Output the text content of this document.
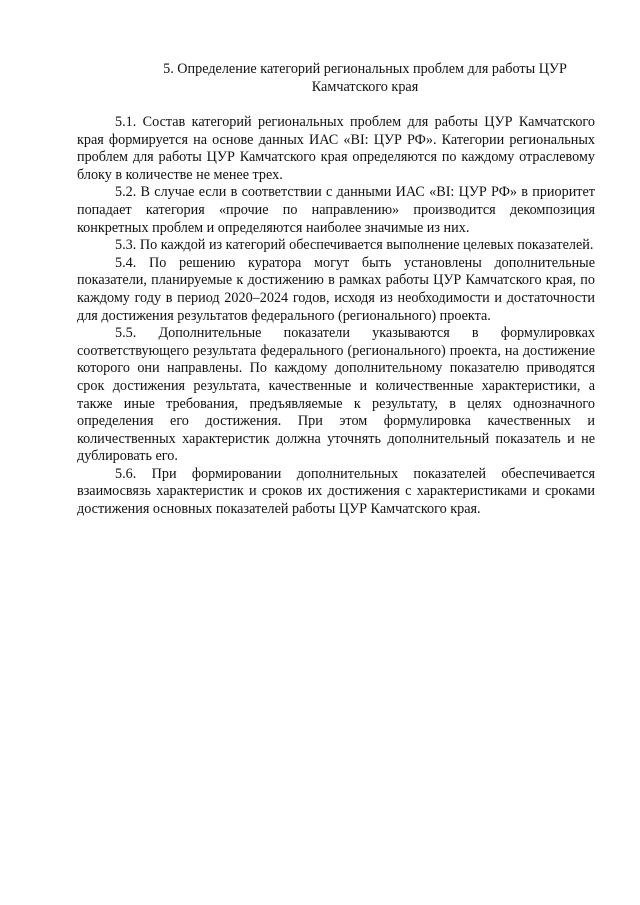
5. Определение категорий региональных проблем для работы ЦУР Камчатского края

5.1. Состав категорий региональных проблем для работы ЦУР Камчатского края формируется на основе данных ИАС «BI: ЦУР РФ». Категории региональных проблем для работы ЦУР Камчатского края определяются по каждому отраслевому блоку в количестве не менее трех.

5.2. В случае если в соответствии с данными ИАС «BI: ЦУР РФ» в приоритет попадает категория «прочие по направлению» производится декомпозиция конкретных проблем и определяются наиболее значимые из них.

5.3. По каждой из категорий обеспечивается выполнение целевых показателей.

5.4. По решению куратора могут быть установлены дополнительные показатели, планируемые к достижению в рамках работы ЦУР Камчатского края, по каждому году в период 2020–2024 годов, исходя из необходимости и достаточности для достижения результатов федерального (регионального) проекта.

5.5. Дополнительные показатели указываются в формулировках соответствующего результата федерального (регионального) проекта, на достижение которого они направлены. По каждому дополнительному показателю приводятся срок достижения результата, качественные и количественные характеристики, а также иные требования, предъявляемые к результату, в целях однозначного определения его достижения. При этом формулировка качественных и количественных характеристик должна уточнять дополнительный показатель и не дублировать его.

5.6. При формировании дополнительных показателей обеспечивается взаимосвязь характеристик и сроков их достижения с характеристиками и сроками достижения основных показателей работы ЦУР Камчатского края.
